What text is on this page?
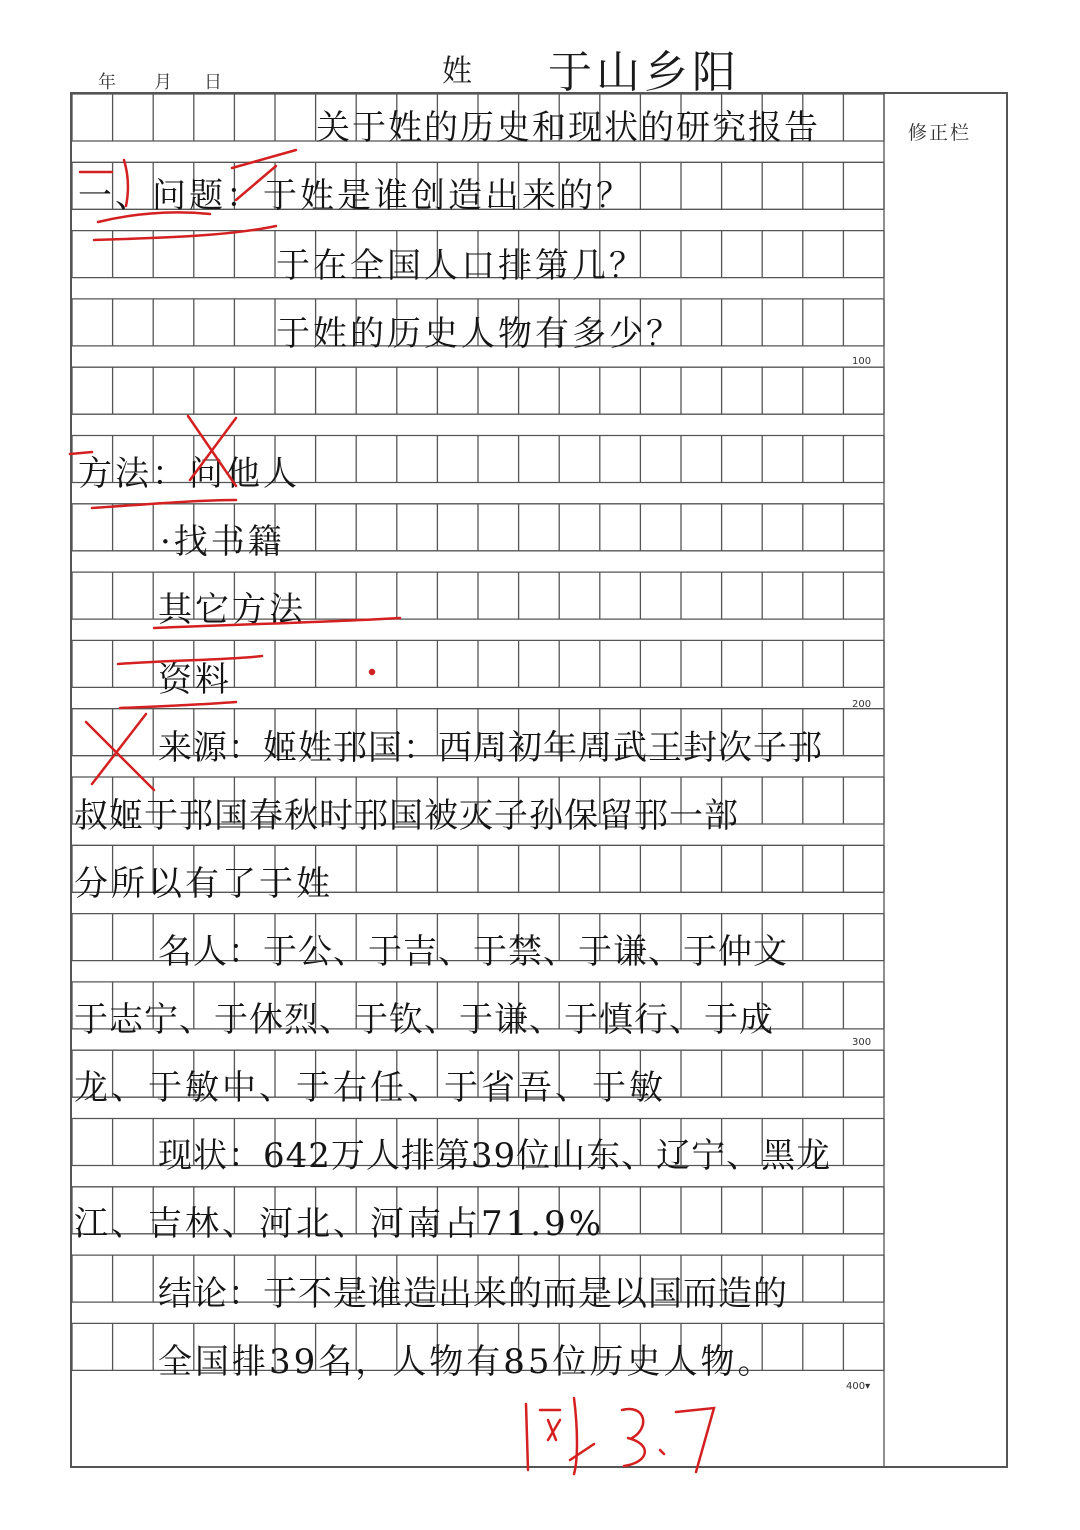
年 月 日	姓 于山乡阳
修正栏
100
200
300
400▾
关于姓的历史和现状的研究报告
一、问题：于姓是谁创造出来的？
于在全国人口排第几？
于姓的历史人物有多少？
方法：问他人
·找书籍
其它方法
资料
来源：姬姓邘国：西周初年周武王封次子邘
叔姬于邘国春秋时邘国被灭子孙保留邘一部
分所以有了于姓
名人：于公、于吉、于禁、于谦、于仲文
于志宁、于休烈、于钦、于谦、于慎行、于成
龙、于敏中、于右任、于省吾、于敏
现状：642万人排第39位山东、辽宁、黑龙
江、吉林、河北、河南占71.9%
结论：于不是谁造出来的而是以国而造的
全国排39名，人物有85位历史人物。
